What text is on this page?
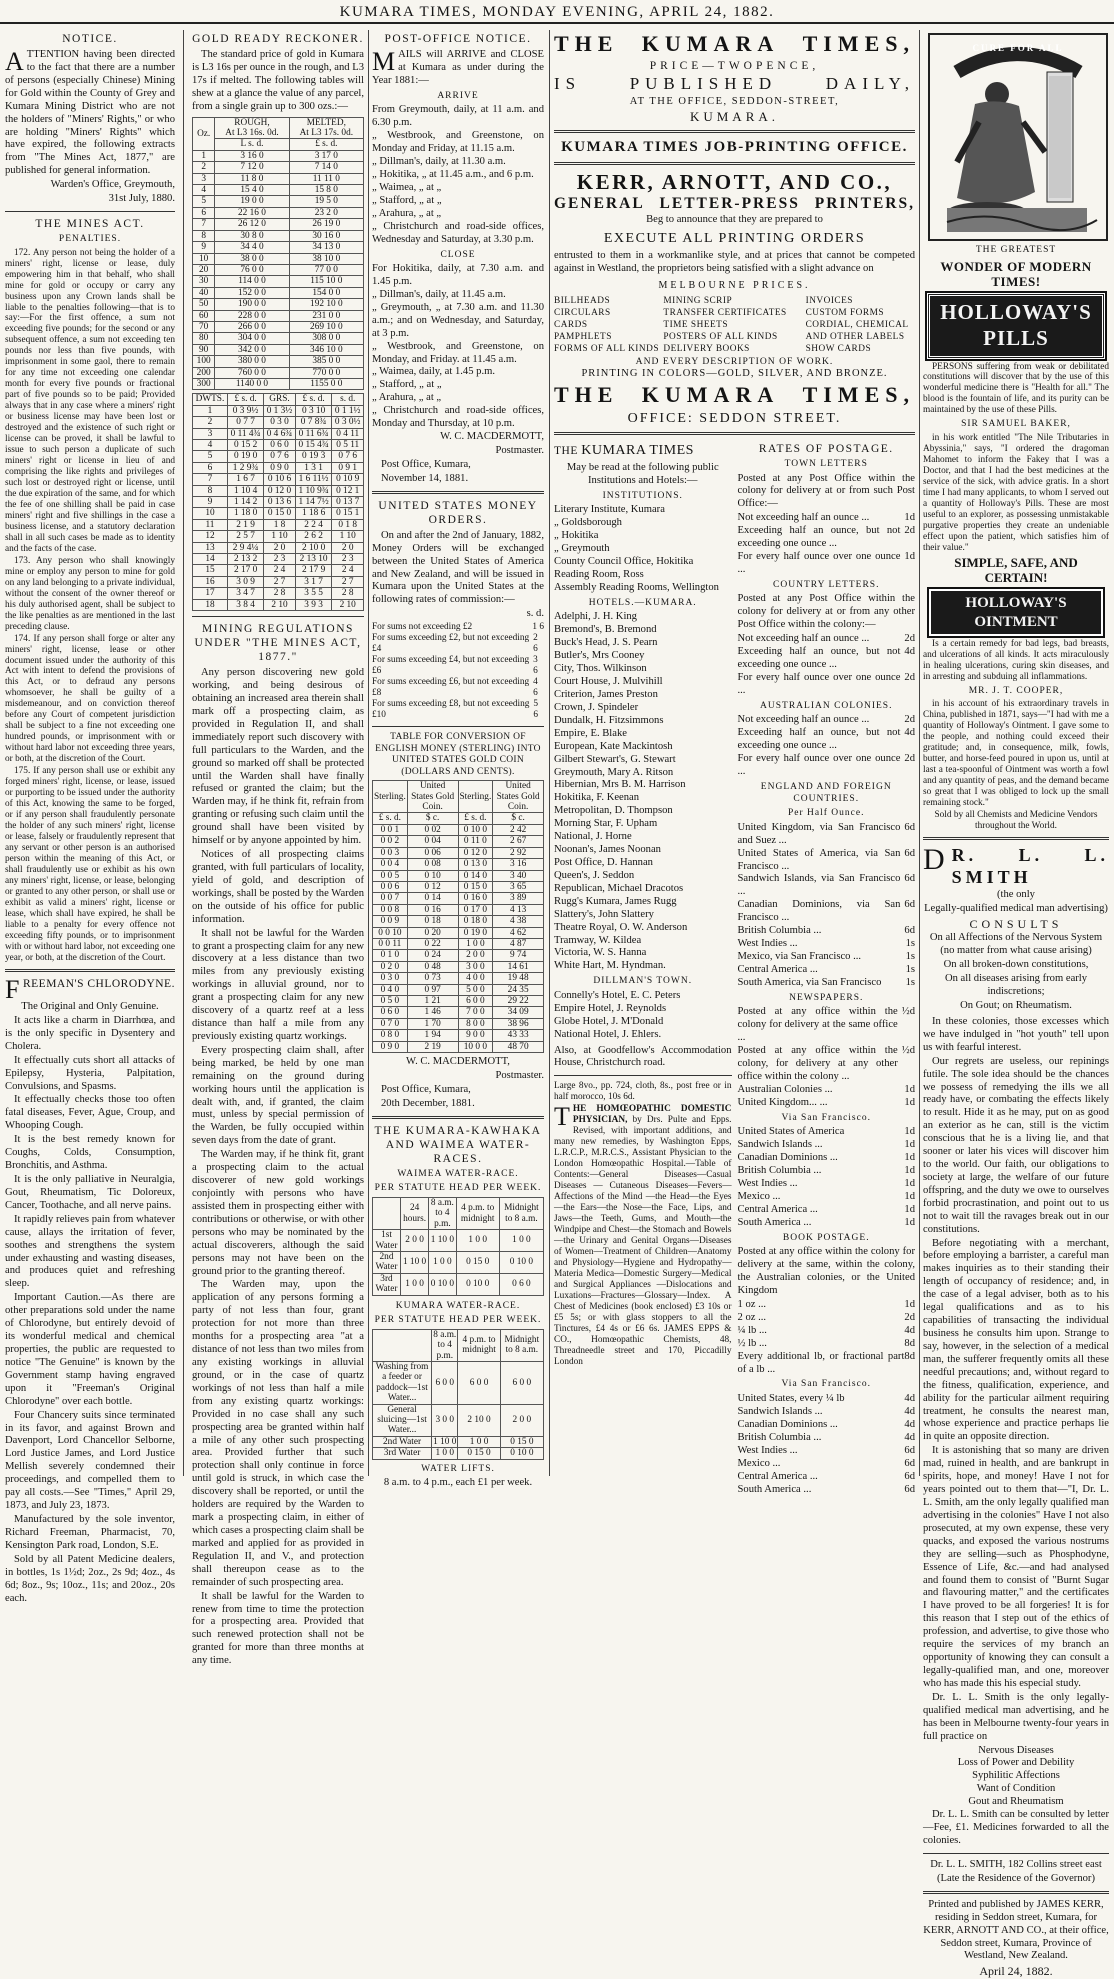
KUMARA TIMES, MONDAY EVENING, APRIL 24, 1882.
NOTICE.

ATTENTION having been directed to the fact that there are a number of persons (especially Chinese) Mining for Gold within the County of Grey and Kumara Mining District who are not the holders of "Miners' Rights," or who are holding "Miners' Rights" which have expired, the following extracts from "The Mines Act, 1877," are published for general information.

Warden's Office, Greymouth,

31st July, 1880.

THE MINES ACT.
PENALTIES.

172. Any person not being the holder of a miners' right, license or lease, duly empowering him in that behalf, who shall mine for gold or occupy or carry any business upon any Crown lands shall be liable to the penalties following—that is to say:—For the first offence, a sum not exceeding five pounds; for the second or any subsequent offence, a sum not exceeding ten pounds nor less than five pounds, with imprisonment in some gaol, there to remain for any time not exceeding one calendar month for every five pounds or fractional part of five pounds so to be paid; Provided always that in any case where a miners' right or business license may have been lost or destroyed and the existence of such right or license can be proved, it shall be lawful to issue to such person a duplicate of such miners' right or license in lieu of and comprising the like rights and privileges of such lost or destroyed right or license, until the due expiration of the same, and for which the fee of one shilling shall be paid in case miners' right and five shillings in the case a business license, and a statutory declaration shall in all such cases be made as to identity and the facts of the case.

173. Any person who shall knowingly mine or employ any person to mine for gold on any land belonging to a private individual, without the consent of the owner thereof or his duly authorised agent, shall be subject to the like penalties as are mentioned in the last preceding clause.

174. If any person shall forge or alter any miners' right, license, lease or other document issued under the authority of this Act with intent to defend the provisions of this Act, or to defraud any persons whomsoever, he shall be guilty of a misdemeanour, and on conviction thereof before any Court of competent jurisdiction shall be subject to a fine not exceeding one hundred pounds, or imprisonment with or without hard labor not exceeding three years, or both, at the discretion of the Court.

175. If any person shall use or exhibit any forged miners' right, license, or lease, issued or purporting to be issued under the authority of this Act, knowing the same to be forged, or if any person shall fraudulently personate the holder of any such miners' right, license or lease, falsely or fraudulently represent that any servant or other person is an authorised person within the meaning of this Act, or shall fraudulently use or exhibit as his own any miners' right, license, or lease, belonging or granted to any other person, or shall use or exhibit as valid a miners' right, license or lease, which shall have expired, he shall be liable to a penalty for every offence not exceeding fifty pounds, or to imprisonment with or without hard labor, not exceeding one year, or both, at the discretion of the Court.

FREEMAN'S CHLORODYNE.

The Original and Only Genuine.

It acts like a charm in Diarrhœa, and is the only specific in Dysentery and Cholera.

It effectually cuts short all attacks of Epilepsy, Hysteria, Palpitation, Convulsions, and Spasms.

It effectually checks those too often fatal diseases, Fever, Ague, Croup, and Whooping Cough.

It is the best remedy known for Coughs, Colds, Consumption, Bronchitis, and Asthma.

It is the only palliative in Neuralgia, Gout, Rheumatism, Tic Doloreux, Cancer, Toothache, and all nerve pains.

It rapidly relieves pain from whatever cause, allays the irritation of fever, soothes and strengthens the system under exhausting and wasting diseases, and produces quiet and refreshing sleep.

Important Caution.—As there are other preparations sold under the name of Chlorodyne, but entirely devoid of its wonderful medical and chemical properties, the public are requested to notice "The Genuine" is known by the Government stamp having engraved upon it "Freeman's Original Chlorodyne" over each bottle.

Four Chancery suits since terminated in its favor, and against Brown and Davenport, Lord Chancellor Selborne, Lord Justice James, and Lord Justice Mellish severely condemned their proceedings, and compelled them to pay all costs.—See "Times," April 29, 1873, and July 23, 1873.

Manufactured by the sole inventor, Richard Freeman, Pharmacist, 70, Kensington Park road, London, S.E.

Sold by all Patent Medicine dealers, in bottles, 1s 1½d; 2oz., 2s 9d; 4oz., 4s 6d; 8oz., 9s; 10oz., 11s; and 20oz., 20s each.

GOLD READY RECKONER.

The standard price of gold in Kumara is L3 16s per ounce in the rough, and L3 17s if melted. The following tables will shew at a glance the value of any parcel, from a single grain up to 300 ozs.:—

Oz.	ROUGH,
At L3 16s. 0d.	MELTED,
At L3 17s. 0d.
	L s. d.	£ s. d.
1	3 16 0	3 17 0
2	7 12 0	7 14 0
3	11 8 0	11 11 0
4	15 4 0	15 8 0
5	19 0 0	19 5 0
6	22 16 0	23 2 0
7	26 12 0	26 19 0
8	30 8 0	30 16 0
9	34 4 0	34 13 0
10	38 0 0	38 10 0
20	76 0 0	77 0 0
30	114 0 0	115 10 0
40	152 0 0	154 0 0
50	190 0 0	192 10 0
60	228 0 0	231 0 0
70	266 0 0	269 10 0
80	304 0 0	308 0 0
90	342 0 0	346 10 0
100	380 0 0	385 0 0
200	760 0 0	770 0 0
300	1140 0 0	1155 0 0
DWTS.	£ s. d.	GRS.	£ s. d.	s. d.
1	0 3 9½	0 1 3½	0 3 10	0 1 1½
2	0 7 7	0 3 0	0 7 8¾	0 3 0½
3	0 11 4¾	0 4 6¾	0 11 6¾	0 4 11
4	0 15 2	0 6 0	0 15 4¾	0 5 11
5	0 19 0	0 7 6	0 19 3	0 7 6
6	1 2 9¾	0 9 0	1 3 1	0 9 1
7	1 6 7	0 10 6	1 6 11½	0 10 9
8	1 10 4	0 12 0	1 10 9¾	0 12 1
9	1 14 2	0 13 6	1 14 7½	0 13 7
10	1 18 0	0 15 0	1 18 6	0 15 1
11	2 1 9	1 8	2 2 4	0 1 8
12	2 5 7	1 10	2 6 2	1 10
13	2 9 4¼	2 0	2 10 0	2 0
14	2 13 2	2 3	2 13 10	2 3
15	2 17 0	2 4	2 17 9	2 4
16	3 0 9	2 7	3 1 7	2 7
17	3 4 7	2 8	3 5 5	2 8
18	3 8 4	2 10	3 9 3	2 10
MINING REGULATIONS UNDER "THE MINES ACT, 1877."

Any person discovering new gold working, and being desirous of obtaining an increased area therein shall mark off a prospecting claim, as provided in Regulation II, and shall immediately report such discovery with full particulars to the Warden, and the ground so marked off shall be protected until the Warden shall have finally refused or granted the claim; but the Warden may, if he think fit, refrain from granting or refusing such claim until the ground shall have been visited by himself or by anyone appointed by him.

Notices of all prospecting claims granted, with full particulars of locality, yield of gold, and description of workings, shall be posted by the Warden on the outside of his office for public information.

It shall not be lawful for the Warden to grant a prospecting claim for any new discovery at a less distance than two miles from any previously existing workings in alluvial ground, nor to grant a prospecting claim for any new discovery of a quartz reef at a less distance than half a mile from any previously existing quartz workings.

Every prospecting claim shall, after being marked, be held by one man remaining on the ground during working hours until the application is dealt with, and, if granted, the claim must, unless by special permission of the Warden, be fully occupied within seven days from the date of grant.

The Warden may, if he think fit, grant a prospecting claim to the actual discoverer of new gold workings conjointly with persons who have assisted them in prospecting either with contributions or otherwise, or with other persons who may be nominated by the actual discoverers, although the said persons may not have been on the ground prior to the granting thereof.

The Warden may, upon the application of any persons forming a party of not less than four, grant protection for not more than three months for a prospecting area "at a distance of not less than two miles from any existing workings in alluvial ground, or in the case of quartz workings of not less than half a mile from any existing quartz workings: Provided in no case shall any such prospecting area be granted within half a mile of any other such prospecting area. Provided further that such protection shall only continue in force until gold is struck, in which case the discovery shall be reported, or until the holders are required by the Warden to mark a prospecting claim, in either of which cases a prospecting claim shall be marked and applied for as provided in Regulation II, and V., and protection shall thereupon cease as to the remainder of such prospecting area.

It shall be lawful for the Warden to renew from time to time the protection for a prospecting area. Provided that such renewed protection shall not be granted for more than three months at any time.

POST-OFFICE NOTICE.

MAILS will ARRIVE and CLOSE at Kumara as under during the Year 1881:—

ARRIVE
From Greymouth, daily, at 11 a.m. and 6.30 p.m.
„ Westbrook, and Greenstone, on Monday and Friday, at 11.15 a.m.
„ Dillman's, daily, at 11.30 a.m.
„ Hokitika, „ at 11.45 a.m., and 6 p.m.
„ Waimea, „ at „
„ Stafford, „ at „
„ Arahura, „ at „
„ Christchurch and road-side offices, Wednesday and Saturday, at 3.30 p.m.
CLOSE
For Hokitika, daily, at 7.30 a.m. and 1.45 p.m.
„ Dillman's, daily, at 11.45 a.m.
„ Greymouth, „ at 7.30 a.m. and 11.30 a.m.; and on Wednesday, and Saturday, at 3 p.m.
„ Westbrook, and Greenstone, on Monday, and Friday. at 11.45 a.m.
„ Waimea, daily, at 1.45 p.m.
„ Stafford, „ at „
„ Arahura, „ at „
„ Christchurch and road-side offices, Monday and Thursday, at 10 p.m.

W. C. MACDERMOTT,

Postmaster.

Post Office, Kumara,

November 14, 1881.

UNITED STATES MONEY ORDERS.

On and after the 2nd of January, 1882, Money Orders will be exchanged between the United States of America and New Zealand, and will be issued in Kumara upon the United States at the following rates of commission:—

s. d.

For sums not exceeding £2	1 6
For sums exceeding £2, but not exceeding £4
2 6
For sums exceeding £4, but not exceeding £6
3 6
For sums exceeding £6, but not exceeding £8
4 6
For sums exceeding £8, but not exceeding £10
5 6
TABLE FOR CONVERSION OF ENGLISH MONEY (STERLING) INTO UNITED STATES GOLD COIN (DOLLARS AND CENTS).
Sterling.	United States Gold Coin.	Sterling.	United States Gold Coin.
£ s. d.	$ c.	£ s. d.	$ c.
0 0 1	0 02	0 10 0	2 42
0 0 2	0 04	0 11 0	2 67
0 0 3	0 06	0 12 0	2 92
0 0 4	0 08	0 13 0	3 16
0 0 5	0 10	0 14 0	3 40
0 0 6	0 12	0 15 0	3 65
0 0 7	0 14	0 16 0	3 89
0 0 8	0 16	0 17 0	4 13
0 0 9	0 18	0 18 0	4 38
0 0 10	0 20	0 19 0	4 62
0 0 11	0 22	1 0 0	4 87
0 1 0	0 24	2 0 0	9 74
0 2 0	0 48	3 0 0	14 61
0 3 0	0 73	4 0 0	19 48
0 4 0	0 97	5 0 0	24 35
0 5 0	1 21	6 0 0	29 22
0 6 0	1 46	7 0 0	34 09
0 7 0	1 70	8 0 0	38 96
0 8 0	1 94	9 0 0	43 33
0 9 0	2 19	10 0 0	48 70

W. C. MACDERMOTT,

Postmaster.

Post Office, Kumara,

20th December, 1881.

THE KUMARA-KAWHAKA AND WAIMEA WATER-RACES.
WAIMEA WATER-RACE.
PER STATUTE HEAD PER WEEK.
	24 hours.	8 a.m. to 4 p.m.	4 p.m. to midnight	Midnight to 8 a.m.
1st Water	2 0 0	1 10 0	1 0 0	1 0 0
2nd Water	1 10 0	1 0 0	0 15 0	0 10 0
3rd Water	1 0 0	0 10 0	0 10 0	0 6 0
KUMARA WATER-RACE.
PER STATUTE HEAD PER WEEK.
	8 a.m. to 4 p.m.	4 p.m. to midnight	Midnight to 8 a.m.
Washing from a feeder or paddock—1st Water...	6 0 0	6 0 0	6 0 0
General sluicing—1st Water...	3 0 0	2 10 0	2 0 0
2nd Water	1 10 0	1 0 0	0 15 0
3rd Water	1 0 0	0 15 0	0 10 0
WATER LIFTS.

8 a.m. to 4 p.m., each £1 per week.

THE KUMARA TIMES,
PRICE—TWOPENCE,
IS	PUBLISHED	DAILY,
AT THE OFFICE, SEDDON-STREET,
KUMARA.
KUMARA TIMES JOB-PRINTING OFFICE.
KERR, ARNOTT, AND CO.,
GENERAL LETTER-PRESS PRINTERS,

Beg to announce that they are prepared to

EXECUTE ALL PRINTING ORDERS

entrusted to them in a workmanlike style, and at prices that cannot be competed against in Westland, the proprietors being satisfied with a slight advance on

MELBOURNE PRICES.
BILLHEADS	MINING SCRIP	INVOICES
CIRCULARS	TRANSFER CERTIFICATES	CUSTOM FORMS
CARDS	TIME SHEETS	CORDIAL, CHEMICAL
PAMPHLETS	POSTERS OF ALL KINDS	AND OTHER LABELS
FORMS OF ALL KINDS DELIVERY BOOKS	SHOW CARDS

AND EVERY DESCRIPTION OF WORK.

PRINTING IN COLORS—GOLD, SILVER, AND BRONZE.

THE KUMARA TIMES,
OFFICE: SEDDON STREET.
THE KUMARA TIMES

May be read at the following public Institutions and Hotels:—

INSTITUTIONS.
Literary Institute, Kumara
„ Goldsborough
„ Hokitika
„ Greymouth
County Council Office, Hokitika
Reading Room, Ross
Assembly Reading Rooms, Wellington
HOTELS.—KUMARA.
Adelphi, J. H. King
Bremond's, B. Bremond
Buck's Head, J. S. Pearn
Butler's, Mrs Cooney
City, Thos. Wilkinson
Court House, J. Mulvihill
Criterion, James Preston
Crown, J. Spindeler
Dundalk, H. Fitzsimmons
Empire, E. Blake
European, Kate Mackintosh
Gilbert Stewart's, G. Stewart
Greymouth, Mary A. Ritson
Hibernian, Mrs B. M. Harrison
Hokitika, F. Keenan
Metropolitan, D. Thompson
Morning Star, F. Upham
National, J. Horne
Noonan's, James Noonan
Post Office, D. Hannan
Queen's, J. Seddon
Republican, Michael Dracotos
Rugg's Kumara, James Rugg
Slattery's, John Slattery
Theatre Royal, O. W. Anderson
Tramway, W. Kildea
Victoria, W. S. Hanna
White Hart, M. Hyndman.
DILLMAN'S TOWN.
Connelly's Hotel, E. C. Peters
Empire Hotel, J. Reynolds
Globe Hotel, J. M'Donald
National Hotel, J. Ehlers.

Also, at Goodfellow's Accommodation House, Christchurch road.

Large 8vo., pp. 724, cloth, 8s., post free or in half morocco, 10s 6d.

THE HOMŒOPATHIC DOMESTIC PHYSICIAN, by Drs. Pulte and Epps. Revised, with important additions, and many new remedies, by Washington Epps, L.R.C.P., M.R.C.S., Assistant Physician to the London Homœopathic Hospital.—Table of Contents:—General Diseases—Casual Diseases — Cutaneous Diseases—Fevers—Affections of the Mind —the Head—the Eyes—the Ears—the Nose—the Face, Lips, and Jaws—the Teeth, Gums, and Mouth—the Windpipe and Chest—the Stomach and Bowels—the Urinary and Genital Organs—Diseases of Women—Treatment of Children—Anatomy and Physiology—Hygiene and Hydropathy—Materia Medica—Domestic Surgery—Medical and Surgical Appliances —Dislocations and Luxations—Fractures—Glossary—Index. A Chest of Medicines (book enclosed) £3 10s or £5 5s; or with glass stoppers to all the Tinctures, £4 4s or £6 6s. JAMES EPPS & CO., Homœopathic Chemists, 48, Threadneedle street and 170, Piccadilly London

RATES OF POSTAGE.
TOWN LETTERS

Posted at any Post Office within the colony for delivery at or from such Post Office:—

Not exceeding half an ounce ...	1d
Exceeding half an ounce, but not exceeding one ounce ...
2d
For every half ounce over one ounce ...
1d
COUNTRY LETTERS.

Posted at any Post Office within the colony for delivery at or from any other Post Office within the colony:—

Not exceeding half an ounce ...	2d
Exceeding half an ounce, but not exceeding one ounce ...
4d
For every half ounce over one ounce ...
2d
AUSTRALIAN COLONIES.
Not exceeding half an ounce ...	2d
Exceeding half an ounce, but not exceeding one ounce ...
4d
For every half ounce over one ounce ...
2d
ENGLAND AND FOREIGN COUNTRIES.
Per Half Ounce.
United Kingdom, via San Francisco and Suez ...
6d
United States of America, via San Francisco ...
6d
Sandwich Islands, via San Francisco ...
6d
Canadian Dominions, via San Francisco ...
6d
British Columbia ...	6d
West Indies ...	1s
Mexico, via San Francisco ...	1s
Central America ...	1s
South America, via San Francisco	1s
NEWSPAPERS.
Posted at any office within the colony for delivery at the same office ...
½d
Posted at any office within the colony, for delivery at any other office within the colony ...
½d
Australian Colonies ...	1d
United Kingdom... ...	1d
Via San Francisco.
United States of America	1d
Sandwich Islands ...	1d
Canadian Dominions ...	1d
British Columbia ...	1d
West Indies ...	1d
Mexico ...	1d
Central America ...	1d
South America ...	1d
BOOK POSTAGE.

Posted at any office within the colony for delivery at the same, within the colony, the Australian colonies, or the United Kingdom

1 oz ...	1d
2 oz ...	2d
¼ lb ...	4d
½ lb ...	8d
Every additional lb, or fractional part of a lb ...
8d
Via San Francisco.
United States, every ¼ lb	4d
Sandwich Islands ...	4d
Canadian Dominions ...	4d
British Columbia ...	4d
West Indies ...	6d
Mexico ...	6d
Central America ...	6d
South America ...	6d
CURE FOR ALL
THE GREATEST
WONDER OF MODERN TIMES!
HOLLOWAY'S PILLS

PERSONS suffering from weak or debilitated constitutions will discover that by the use of this wonderful medicine there is "Health for all." The blood is the fountain of life, and its purity can be maintained by the use of these Pills.

SIR SAMUEL BAKER,

in his work entitled "The Nile Tributaries in Abyssinia," says, "I ordered the dragoman Mahomet to inform the Fakey that I was a Doctor, and that I had the best medicines at the service of the sick, with advice gratis. In a short time I had many applicants, to whom I served out a quantity of Holloway's Pills. These are most useful to an explorer, as possessing unmistakable purgative properties they create an undeniable effect upon the patient, which satisfies him of their value."

SIMPLE, SAFE, AND CERTAIN!
HOLLOWAY'S OINTMENT

Is a certain remedy for bad legs, bad breasts, and ulcerations of all kinds. It acts miraculously in healing ulcerations, curing skin diseases, and in arresting and subduing all inflammations.

MR. J. T. COOPER,

in his account of his extraordinary travels in China, published in 1871, says—"I had with me a quantity of Holloway's Ointment. I gave some to the people, and nothing could exceed their gratitude; and, in consequence, milk, fowls, butter, and horse-feed poured in upon us, until at last a tea-spoonful of Ointment was worth a fowl and any quantity of peas, and the demand became so great that I was obliged to lock up the small remaining stock."

Sold by all Chemists and Medicine Vendors throughout the World.

D R. L. L. SMITH

(the only

Legally-qualified medical man advertising)

CONSULTS

On all Affections of the Nervous System (no matter from what cause arising)

On all broken-down constitutions,

On all diseases arising from early indiscretions;

On Gout; on Rheumatism.

In these colonies, those excesses which we have indulged in "hot youth" tell upon us with fearful interest.

Our regrets are useless, our repinings futile. The sole idea should be the chances we possess of remedying the ills we all ready have, or combating the effects likely to result. Hide it as he may, put on as good an exterior as he can, still is the victim conscious that he is a living lie, and that sooner or later his vices will discover him to the world. Our faith, our obligations to society at large, the welfare of our future offspring, and the duty we owe to ourselves forbid procrastination, and point out to us not to wait till the ravages break out in our constitutions.

Before negotiating with a merchant, before employing a barrister, a careful man makes inquiries as to their standing their length of occupancy of residence; and, in the case of a legal adviser, both as to his legal qualifications and as to his capabilities of transacting the individual business he consults him upon. Strange to say, however, in the selection of a medical man, the sufferer frequently omits all these needful precautions; and, without regard to the fitness, qualification, experience, and ability for the particular ailment requiring treatment, he consults the nearest man, whose experience and practice perhaps lie in quite an opposite direction.

It is astonishing that so many are driven mad, ruined in health, and are bankrupt in spirits, hope, and money! Have I not for years pointed out to them that—"I, Dr. L. L. Smith, am the only legally qualified man advertising in the colonies" Have I not also prosecuted, at my own expense, these very quacks, and exposed the various nostrums they are selling—such as Phosphodyne, Essence of Life, &c.—and had analysed and found them to consist of "Burnt Sugar and flavouring matter," and the certificates I have proved to be all forgeries! It is for this reason that I step out of the ethics of profession, and advertise, to give those who require the services of my branch an opportunity of knowing they can consult a legally-qualified man, and one, moreover who has made this his especial study.

Dr. L. L. Smith is the only legally-qualified medical man advertising, and he has been in Melbourne twenty-four years in full practice on

Nervous Diseases
Loss of Power and Debility
Syphilitic Affections
Want of Condition
Gout and Rheumatism

Dr. L. L. Smith can be consulted by letter—Fee, £1. Medicines forwarded to all the colonies.

Dr. L. L. SMITH, 182 Collins street east

(Late the Residence of the Governor)

Printed and published by JAMES KERR, residing in Seddon street, Kumara, for KERR, ARNOTT AND CO., at their office, Seddon street, Kumara, Province of Westland, New Zealand.

April 24, 1882.
